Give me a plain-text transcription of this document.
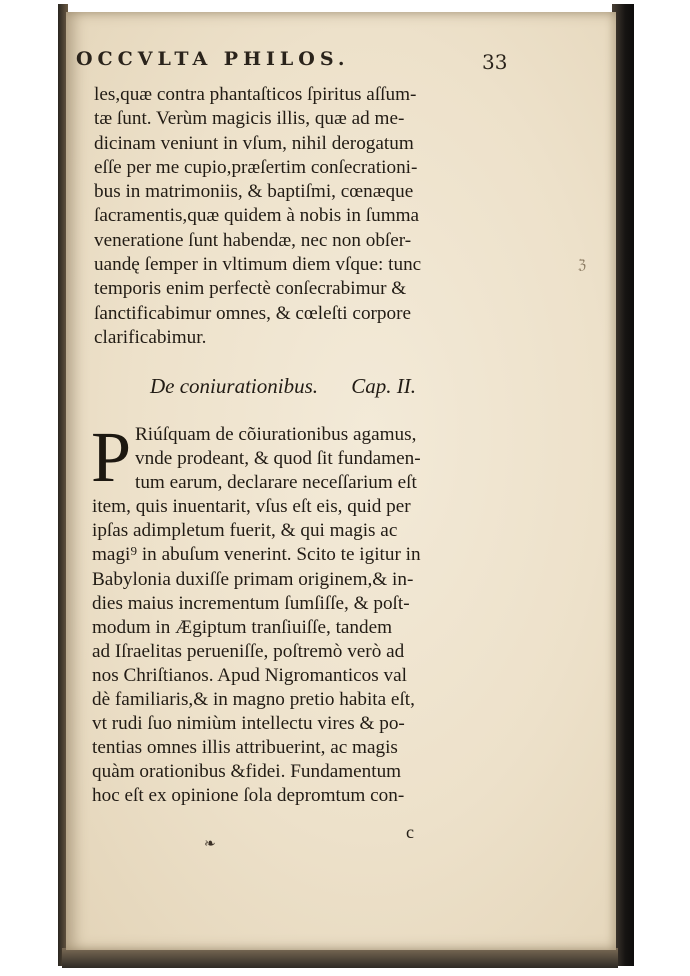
OCCVLTA PHILOS.	33
les,quæ contra phantaſticos ſpiritus aſſum-
tæ ſunt. Verùm magicis illis, quæ ad me-
dicinam veniunt in vſum, nihil derogatum
eſſe per me cupio,præſertim conſecrationi-
bus in matrimoniis, & baptiſmi, cœnæque
ſacramentis,quæ quidem à nobis in ſumma
veneratione ſunt habendæ, nec non obſer-
uandę ſemper in vltimum diem vſque: tunc
temporis enim perfectè conſecrabimur &
ſanctificabimur omnes, & cœleſti corpore
clarificabimur.
De coniurationibus. Cap. II.
P Riúſquam de cõiurationibus agamus,
vnde prodeant, & quod ſit fundamen-
tum earum, declarare neceſſarium eſt
item, quis inuentarit, vſus eſt eis, quid per
ipſas adimpletum fuerit, & qui magis ac
magi⁹ in abuſum venerint. Scito te igitur in
Babylonia duxiſſe primam originem,& in-
dies maius incrementum ſumſiſſe, & poſt-
modum in Ægiptum tranſiuiſſe, tandem
ad Iſraelitas perueniſſe, poſtremò verò ad
nos Chriſtianos. Apud Nigromanticos val
dè familiaris,& in magno pretio habita eſt,
vt rudi ſuo nimiùm intellectu vires & po-
tentias omnes illis attribuerint, ac magis
quàm orationibus &fidei. Fundamentum
hoc eſt ex opinione ſola depromtum con-
c
❧
ℨ
